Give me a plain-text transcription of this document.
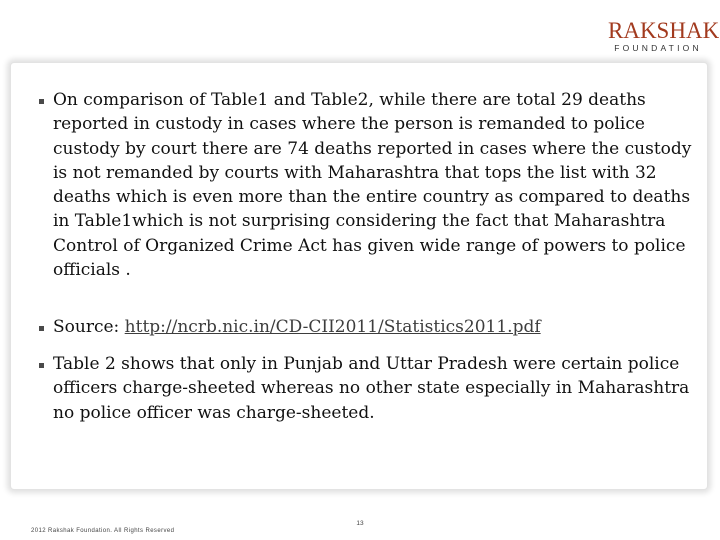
RAKSHAK
FOUNDATION
On comparison of Table1 and Table2, while there are total 29 deaths reported in custody in cases where the person is remanded to police custody by court there are 74 deaths reported in cases where the custody is not remanded by courts with Maharashtra that tops the list with 32 deaths which is even more than the entire country as compared to deaths in Table1which is not surprising considering the fact that Maharashtra Control of Organized Crime Act has given wide range of powers to police officials .
Source: http://ncrb.nic.in/CD-CII2011/Statistics2011.pdf
Table 2 shows that only in Punjab and Uttar Pradesh were certain police officers charge-sheeted whereas no other state especially in Maharashtra no police officer was charge-sheeted.
2012 Rakshak Foundation. All Rights Reserved
13
